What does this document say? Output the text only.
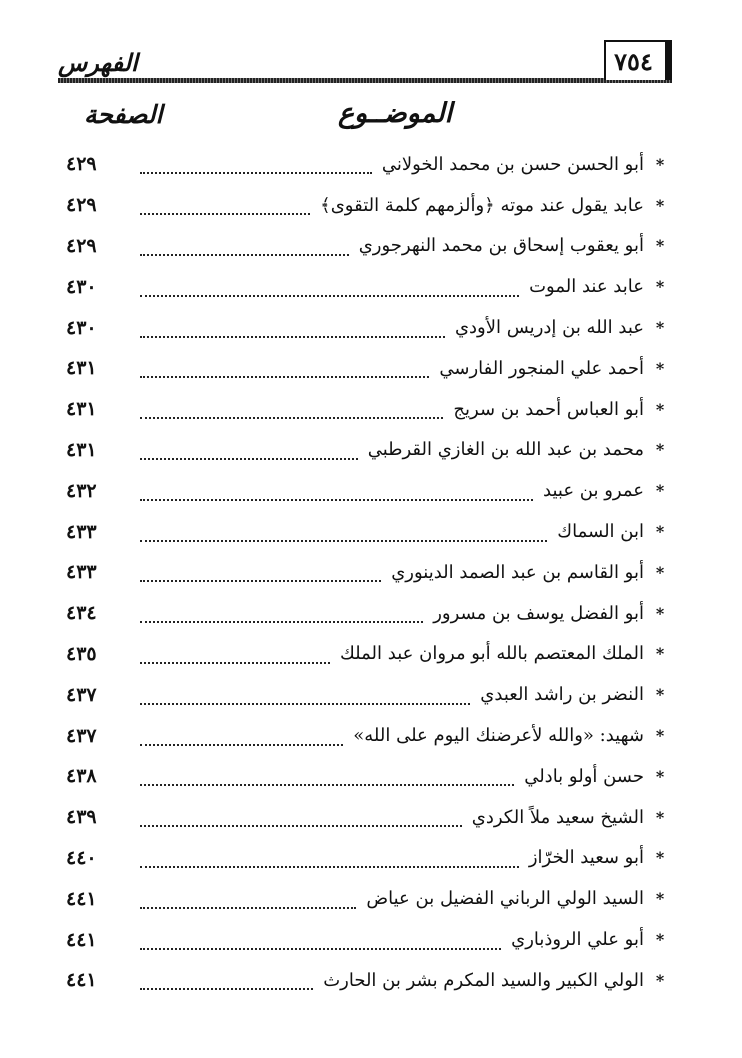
الفهرس	٧٥٤
الصفحة	الموضــوع
*
أبو الحسن حسن بن محمد الخولاني
٤٢٩
*
عابد يقول عند موته ﴿وألزمهم كلمة التقوى﴾
٤٢٩
*
أبو يعقوب إسحاق بن محمد النهرجوري
٤٢٩
*
عابد عند الموت
٤٣٠
*
عبد الله بن إدريس الأودي
٤٣٠
*
أحمد علي المنجور الفارسي
٤٣١
*
أبو العباس أحمد بن سريج
٤٣١
*
محمد بن عبد الله بن الغازي القرطبي
٤٣١
*
عمرو بن عبيد
٤٣٢
*
ابن السماك
٤٣٣
*
أبو القاسم بن عبد الصمد الدينوري
٤٣٣
*
أبو الفضل يوسف بن مسرور
٤٣٤
*
الملك المعتصم بالله أبو مروان عبد الملك
٤٣٥
*
النضر بن راشد العبدي
٤٣٧
*
شهيد: «والله لأعرضنك اليوم على الله»
٤٣٧
*
حسن أولو بادلي
٤٣٨
*
الشيخ سعيد ملاً الكردي
٤٣٩
*
أبو سعيد الخرّاز
٤٤٠
*
السيد الولي الرباني الفضيل بن عياض
٤٤١
*
أبو علي الروذباري
٤٤١
*
الولي الكبير والسيد المكرم بشر بن الحارث
٤٤١
